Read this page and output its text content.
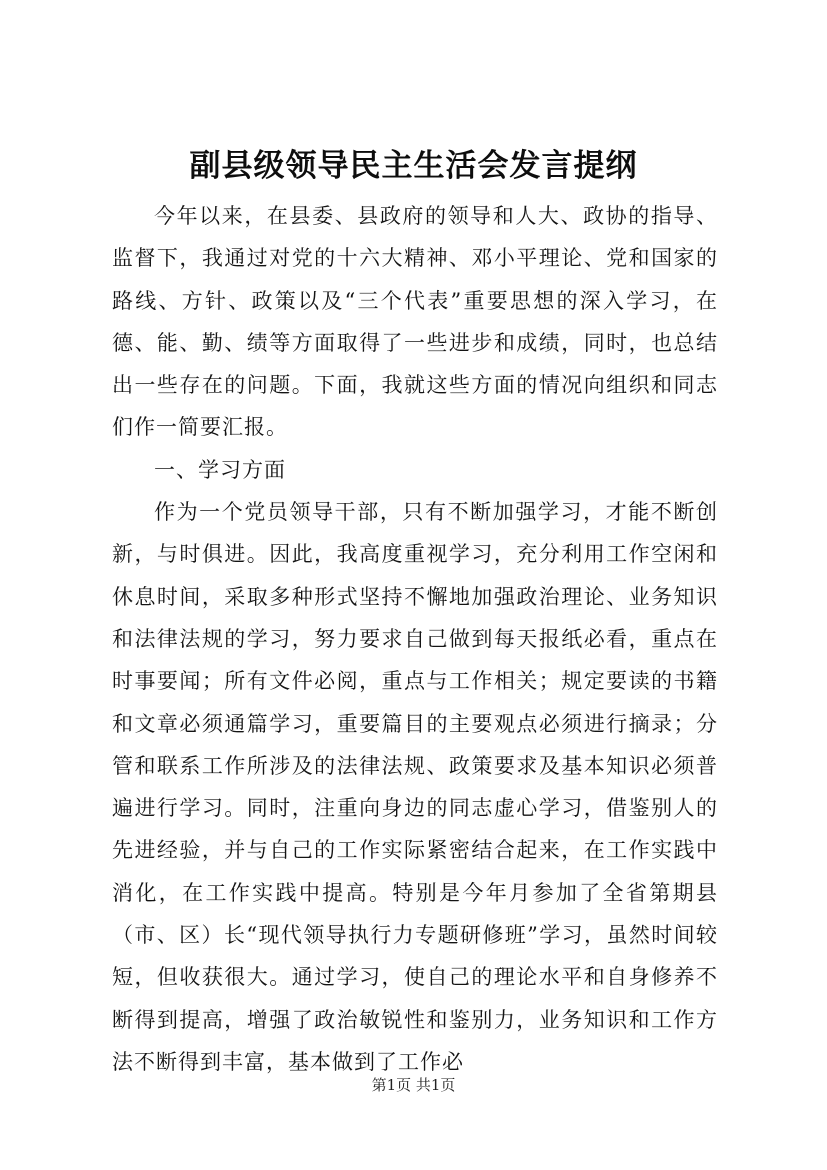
副县级领导民主生活会发言提纲

今年以来，在县委、县政府的领导和人大、政协的指导、监督下，我通过对党的十六大精神、邓小平理论、党和国家的路线、方针、政策以及“三个代表”重要思想的深入学习，在德、能、勤、绩等方面取得了一些进步和成绩，同时，也总结出一些存在的问题。下面，我就这些方面的情况向组织和同志们作一简要汇报。

一、学习方面

作为一个党员领导干部，只有不断加强学习，才能不断创新，与时俱进。因此，我高度重视学习，充分利用工作空闲和休息时间，采取多种形式坚持不懈地加强政治理论、业务知识和法律法规的学习，努力要求自己做到每天报纸必看，重点在时事要闻；所有文件必阅，重点与工作相关；规定要读的书籍和文章必须通篇学习，重要篇目的主要观点必须进行摘录；分管和联系工作所涉及的法律法规、政策要求及基本知识必须普遍进行学习。同时，注重向身边的同志虚心学习，借鉴别人的先进经验，并与自己的工作实际紧密结合起来，在工作实践中消化，在工作实践中提高。特别是今年月参加了全省第期县（市、区）长“现代领导执行力专题研修班”学习，虽然时间较短，但收获很大。通过学习，使自己的理论水平和自身修养不断得到提高，增强了政治敏锐性和鉴别力，业务知识和工作方法不断得到丰富，基本做到了工作必

第1页 共1页
